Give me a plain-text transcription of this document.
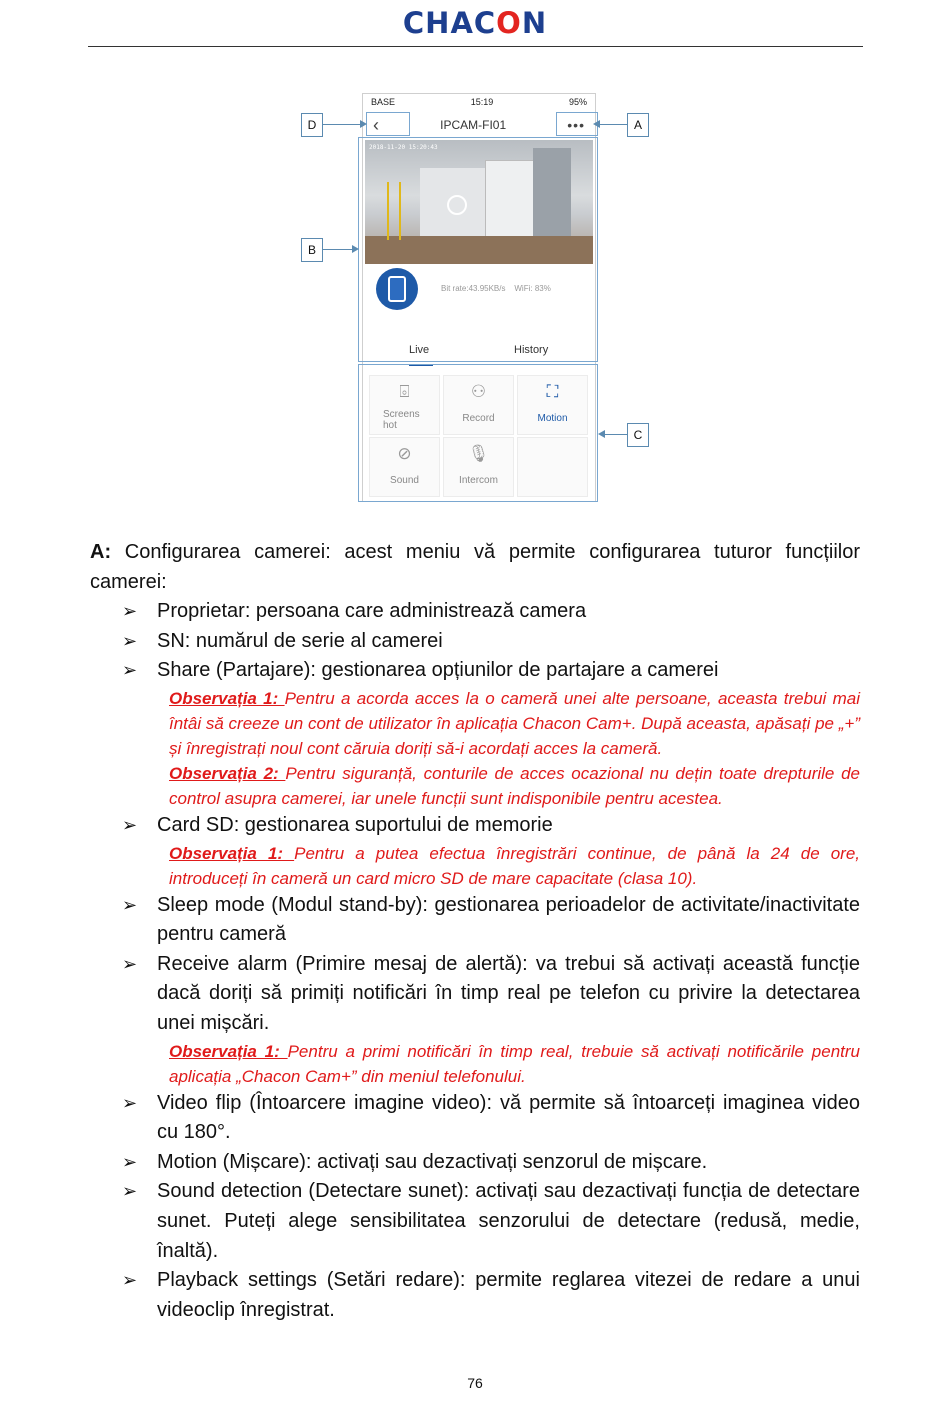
CHACON
BASE	15:19	95%
‹	IPCAM-FI01	•••
2018-11-20 15:20:43
Bit rate:43.95KB/s WiFi: 83%
Live	History
⌻
Screens hot
⚇
Record
⛶
Motion
⊘
Sound
🎙
Intercom
D	A
B
C

A: Configurarea camerei: acest meniu vă permite configurarea tuturor funcțiilor camerei:

➢ Proprietar: persoana care administrează camera

➢ SN: numărul de serie al camerei

➢ Share (Partajare): gestionarea opțiunilor de partajare a camerei

Observația 1: Pentru a acorda acces la o cameră unei alte persoane, aceasta trebui mai întâi să creeze un cont de utilizator în aplicația Chacon Cam+. După aceasta, apăsați pe „+” și înregistrați noul cont căruia doriți să-i acordați acces la cameră.

Observația 2: Pentru siguranță, conturile de acces ocazional nu dețin toate drepturile de control asupra camerei, iar unele funcții sunt indisponibile pentru acestea.

➢ Card SD: gestionarea suportului de memorie

Observația 1: Pentru a putea efectua înregistrări continue, de până la 24 de ore, introduceți în cameră un card micro SD de mare capacitate (clasa 10).

➢ Sleep mode (Modul stand-by): gestionarea perioadelor de activitate/inactivitate pentru cameră

➢ Receive alarm (Primire mesaj de alertă): va trebui să activați această funcție dacă doriți să primiți notificări în timp real pe telefon cu privire la detectarea unei mișcări.

Observația 1: Pentru a primi notificări în timp real, trebuie să activați notificările pentru aplicația „Chacon Cam+” din meniul telefonului.

➢ Video flip (Întoarcere imagine video): vă permite să întoarceți imaginea video cu 180°.

➢ Motion (Mișcare): activați sau dezactivați senzorul de mișcare.

➢ Sound detection (Detectare sunet): activați sau dezactivați funcția de detectare sunet. Puteți alege sensibilitatea senzorului de detectare (redusă, medie, înaltă).

➢ Playback settings (Setări redare): permite reglarea vitezei de redare a unui videoclip înregistrat.

76
